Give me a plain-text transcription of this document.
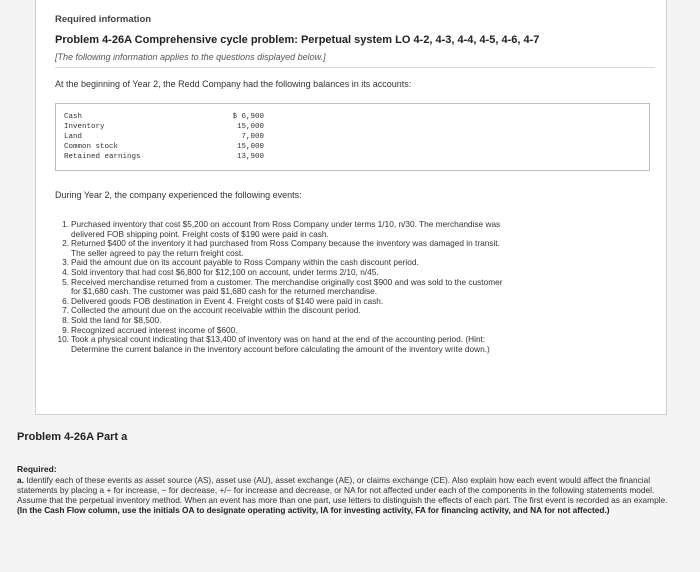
Required information
Problem 4-26A Comprehensive cycle problem: Perpetual system LO 4-2, 4-3, 4-4, 4-5, 4-6, 4-7
[The following information applies to the questions displayed below.]
At the beginning of Year 2, the Redd Company had the following balances in its accounts:
Cash	$ 6,900
Inventory	15,000
Land	7,000
Common stock	15,000
Retained earnings	13,900
During Year 2, the company experienced the following events:
1. Purchased inventory that cost $5,200 on account from Ross Company under terms 1/10, n/30. The merchandise was
delivered FOB shipping point. Freight costs of $190 were paid in cash.
2. Returned $400 of the inventory it had purchased from Ross Company because the inventory was damaged in transit.
The seller agreed to pay the return freight cost.
3. Paid the amount due on its account payable to Ross Company within the cash discount period.
4. Sold inventory that had cost $6,800 for $12,100 on account, under terms 2/10, n/45.
5. Received merchandise returned from a customer. The merchandise originally cost $900 and was sold to the customer
for $1,680 cash. The customer was paid $1,680 cash for the returned merchandise.
6. Delivered goods FOB destination in Event 4. Freight costs of $140 were paid in cash.
7. Collected the amount due on the account receivable within the discount period.
8. Sold the land for $8,500.
9. Recognized accrued interest income of $600.
10. Took a physical count indicating that $13,400 of inventory was on hand at the end of the accounting period. (Hint:
Determine the current balance in the inventory account before calculating the amount of the inventory write down.)
Problem 4-26A Part a
Required:
a. Identify each of these events as asset source (AS), asset use (AU), asset exchange (AE), or claims exchange (CE). Also explain how each event would affect the financial statements by placing a + for increase, − for decrease, +/− for increase and decrease, or NA for not affected under each of the components in the following statements model. Assume that the perpetual inventory method. When an event has more than one part, use letters to distinguish the effects of each part. The first event is recorded as an example. (In the Cash Flow column, use the initials OA to designate operating activity, IA for investing activity, FA for financing activity, and NA for not affected.)
